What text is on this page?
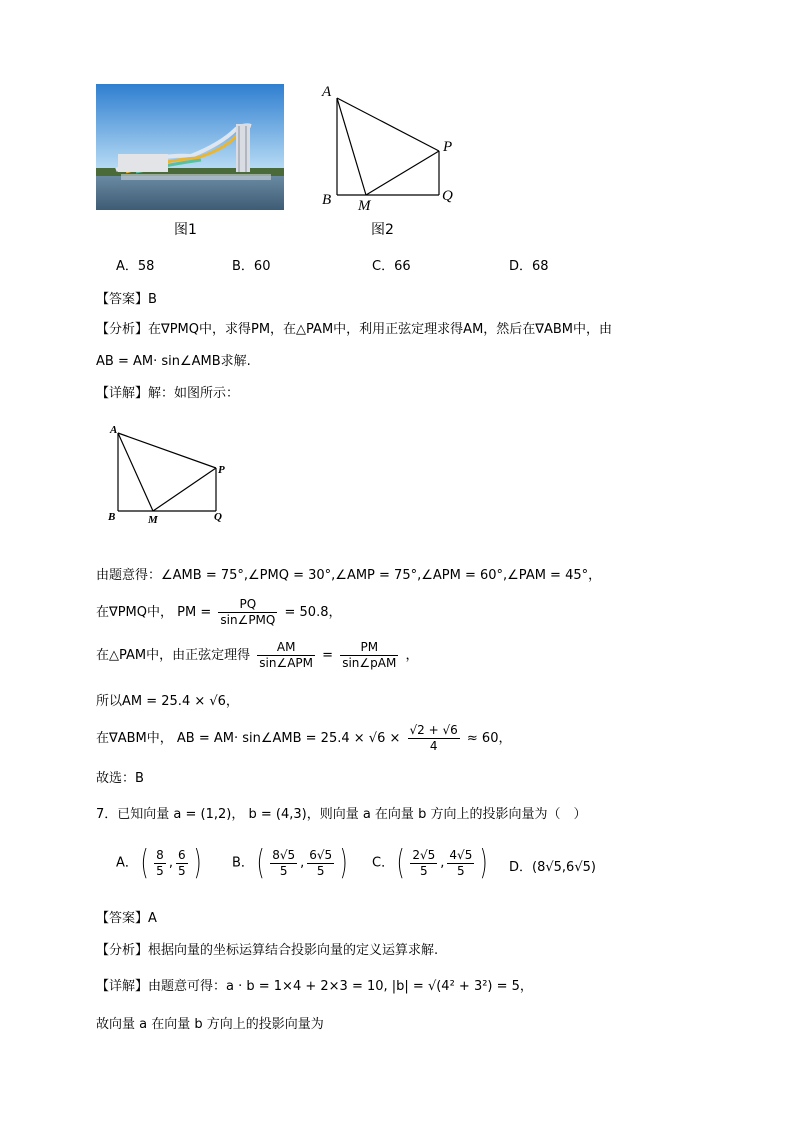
图1
A
B M
P
Q
图2
A．58	B．60	C．66	D．68
【答案】B
【分析】在∇PMQ中，求得PM，在△PAM中，利用正弦定理求得AM，然后在∇ABM中，由
AB = AM· sin∠AMB求解.
【详解】解：如图所示：
A
B	M
P
Q
由题意得：∠AMB = 75°,∠PMQ = 30°,∠AMP = 75°,∠APM = 60°,∠PAM = 45°，
在∇PMQ中， PM = $\frac{PQ}{\text{sin∠PMQ}} = 50.8$，
在△PAM中，由正弦定理得 $\frac{AM}{\text{sin∠APM}} = \frac{PM}{\text{sin∠pAM}}$ ，
所以AM = 25.4 × √6，
在∇ABM中， AB = AM· sin∠AMB = $25.4 \times √6 \times \frac{√2 + √6}{4} \approx 60$，
故选：B
7．已知向量 a = (1,2)， b = (4,3)，则向量 a 在向量 b 方向上的投影向量为（　）
A．( $\frac{8}{5}$ , $\frac{6}{5}$ ) B．( $\frac{8√5}{5}$ , $\frac{6√5}{5}$ ) C．( $\frac{2√5}{5}$ , $\frac{4√5}{5}$ ) D．(8√5,6√5)
【答案】A
【分析】根据向量的坐标运算结合投影向量的定义运算求解.
【详解】由题意可得：a · b = 1×4 + 2×3 = 10, |b| = √(4² + 3²) = 5，
故向量 a 在向量 b 方向上的投影向量为
